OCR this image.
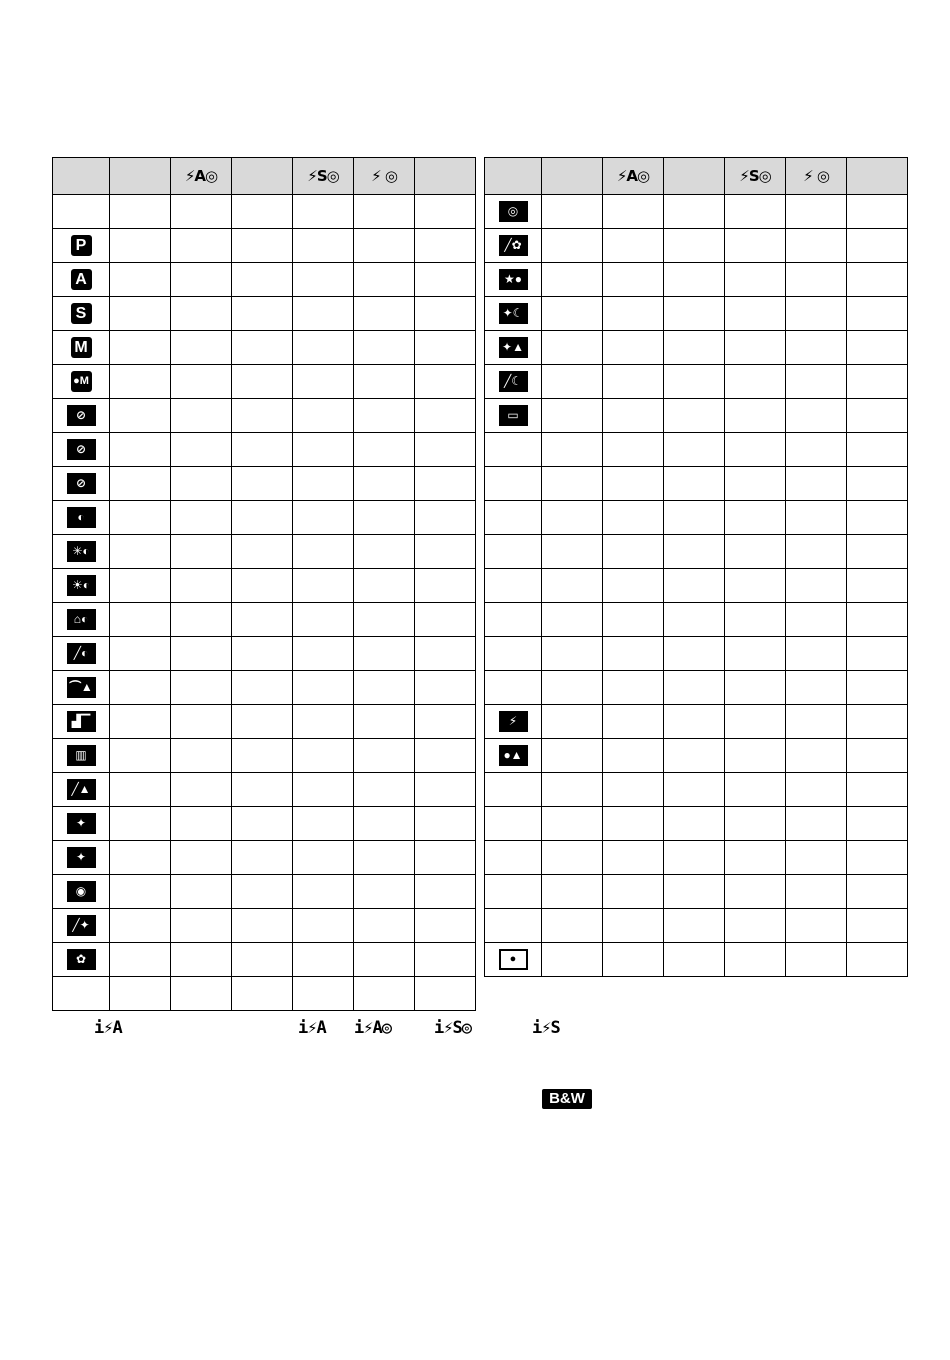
		⚡A◎		⚡S◎	⚡ ◎	

P						
A						
S						
M						
●M						
⊘						
⊘						
⊘						
◐						
✳◐						
☀◐						
⌂◐						
╱◐						
⏜▲						
▟▔						
▥						
╱▲						
✦						
✦						
◉						
╱✦						
✿						

		⚡A◎		⚡S◎	⚡ ◎	
◎						
╱✿						
★●						
✦☾						
✦▲						
╱☾						
▭						

⚡						
●▲						

●						
i⚡A	i⚡A i⚡A◎	i⚡S◎	i⚡S
B&W
